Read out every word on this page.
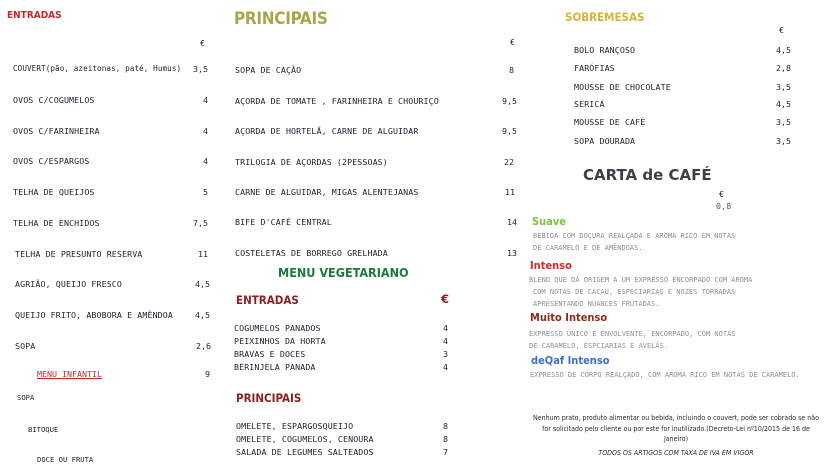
ENTRADAS
€
COUVERT(pão, azeitonas, paté, Humus)	3,5
OVOS C/COGUMELOS	4
OVOS C/FARINHEIRA	4
OVOS C/ESPARGOS	4
TELHA DE QUEIJOS	5
TELHA DE ENCHIDOS	7,5
TELHA DE PRESUNTO RESERVA	11
AGRIÃO, QUEIJO FRESCO	4,5
QUEIJO FRITO, ABOBORA E AMÊNDOA	4,5
SOPA	2,6
MENU INFANTIL	9
SOPA
BITOQUE
DOCE OU FRUTA
PRINCIPAIS
€
SOPA DE CAÇÃO	8
AÇORDA DE TOMATE , FARINHEIRA E CHOURIÇO	9,5
AÇORDA DE HORTELÃ, CARNE DE ALGUIDAR	9,5
TRILOGIA DE AÇORDAS (2PESSOAS)	22
CARNE DE ALGUIDAR, MIGAS ALENTEJANAS	11
BIFE D'CAFÉ CENTRAL	14
COSTELETAS DE BORREGO GRELHADA	13
MENU VEGETARIANO
ENTRADAS	€
COGUMELOS PANADOS	4
PEIXINHOS DA HORTA	4
BRAVAS E DOCES	3
BERINJELA PANADA	4
PRINCIPAIS
OMELETE, ESPARGOSQUEIJO	8
OMELETE, COGUMELOS, CENOURA	8
SALADA DE LEGUMES SALTEADOS	7
SOBREMESAS
€
BOLO RANÇOSO	4,5
FARÓFIAS	2,8
MOUSSE DE CHOCOLATE	3,5
SERICÁ	4,5
MOUSSE DE CAFÉ	3,5
SOPA DOURADA	3,5
CARTA de CAFÉ
€
0,8
Suave
BEBIDA COM DOÇURA REALÇADA E AROMA RICO EM NOTAS
DE CARAMELO E DE AMÊNDOAS.
Intenso
BLEND QUE DÁ ORIGEM A UM EXPRESSO ENCORPADO COM AROMA
COM NOTAS DE CACAU, ESPECIARIAS E NOZES TORRADAS
APRESENTANDO NUANCES FRUTADAS.
Muito Intenso
EXPRESSO ÚNICO E ENVOLVENTE, ENCORPADO, COM NOTAS
DE CARAMELO, ESPCIARIAS E AVELÃS.
deQaf Intenso
EXPRESSO DE CORPO REALÇADO, COM AROMA RICO EM NOTAS DE CARAMELO.
Nenhum prato, produto alimentar ou bebida, incluindo o couvert, pode ser cobrado se não
for solicitado pelo cliente ou por este for inutilizado.(Decreto-Lei nº10/2015 de 16 de
Janeiro)
TODOS OS ARTIGOS COM TAXA DE IVA EM VIGOR
